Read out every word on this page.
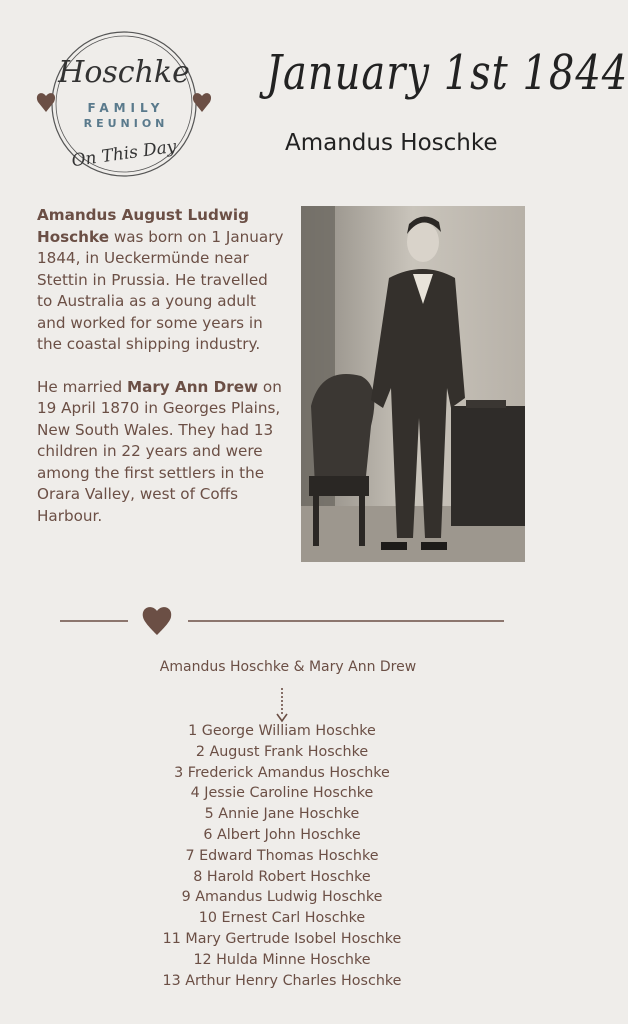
Hoschke
FAMILY
REUNION
On This Day
January 1st 1844
Amandus Hoschke

Amandus August Ludwig Hoschke was born on 1 January 1844, in Ueckermünde near Stettin in Prussia. He travelled to Australia as a young adult and worked for some years in the coastal shipping industry.

He married Mary Ann Drew on 19 April 1870 in Georges Plains, New South Wales. They had 13 children in 22 years and were among the first settlers in the Orara Valley, west of Coffs Harbour.

Amandus Hoschke & Mary Ann Drew
1 George William Hoschke
2 August Frank Hoschke
3 Frederick Amandus Hoschke
4 Jessie Caroline Hoschke
5 Annie Jane Hoschke
6 Albert John Hoschke
7 Edward Thomas Hoschke
8 Harold Robert Hoschke
9 Amandus Ludwig Hoschke
10 Ernest Carl Hoschke
11 Mary Gertrude Isobel Hoschke
12 Hulda Minne Hoschke
13 Arthur Henry Charles Hoschke
